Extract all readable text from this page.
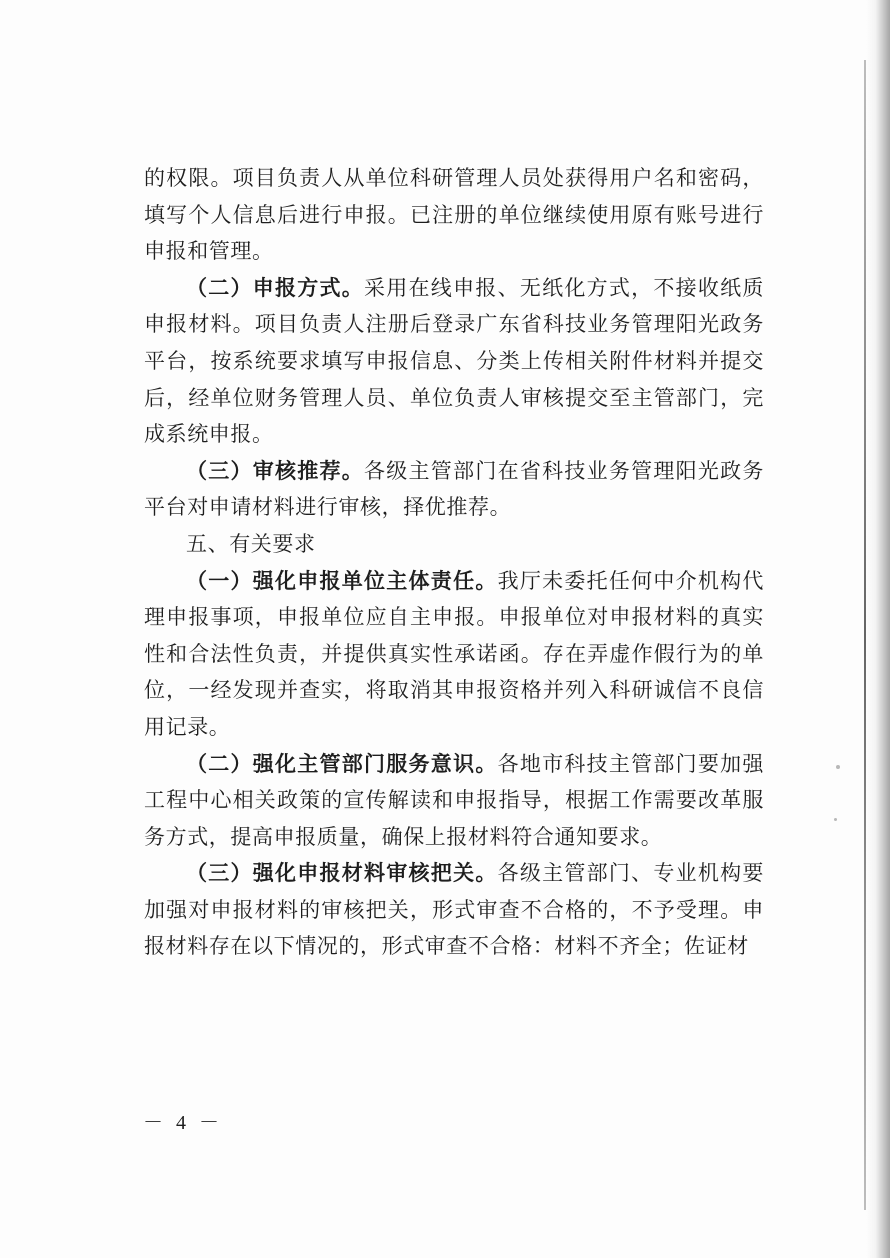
的权限。项目负责人从单位科研管理人员处获得用户名和密码，填写个人信息后进行申报。已注册的单位继续使用原有账号进行申报和管理。

（二）申报方式。采用在线申报、无纸化方式，不接收纸质申报材料。项目负责人注册后登录广东省科技业务管理阳光政务平台，按系统要求填写申报信息、分类上传相关附件材料并提交后，经单位财务管理人员、单位负责人审核提交至主管部门，完成系统申报。

（三）审核推荐。各级主管部门在省科技业务管理阳光政务平台对申请材料进行审核，择优推荐。

五、有关要求

（一）强化申报单位主体责任。我厅未委托任何中介机构代理申报事项，申报单位应自主申报。申报单位对申报材料的真实性和合法性负责，并提供真实性承诺函。存在弄虚作假行为的单位，一经发现并查实，将取消其申报资格并列入科研诚信不良信用记录。

（二）强化主管部门服务意识。各地市科技主管部门要加强工程中心相关政策的宣传解读和申报指导，根据工作需要改革服务方式，提高申报质量，确保上报材料符合通知要求。

（三）强化申报材料审核把关。各级主管部门、专业机构要加强对申报材料的审核把关，形式审查不合格的，不予受理。申报材料存在以下情况的，形式审查不合格：材料不齐全；佐证材

－ 4 －
